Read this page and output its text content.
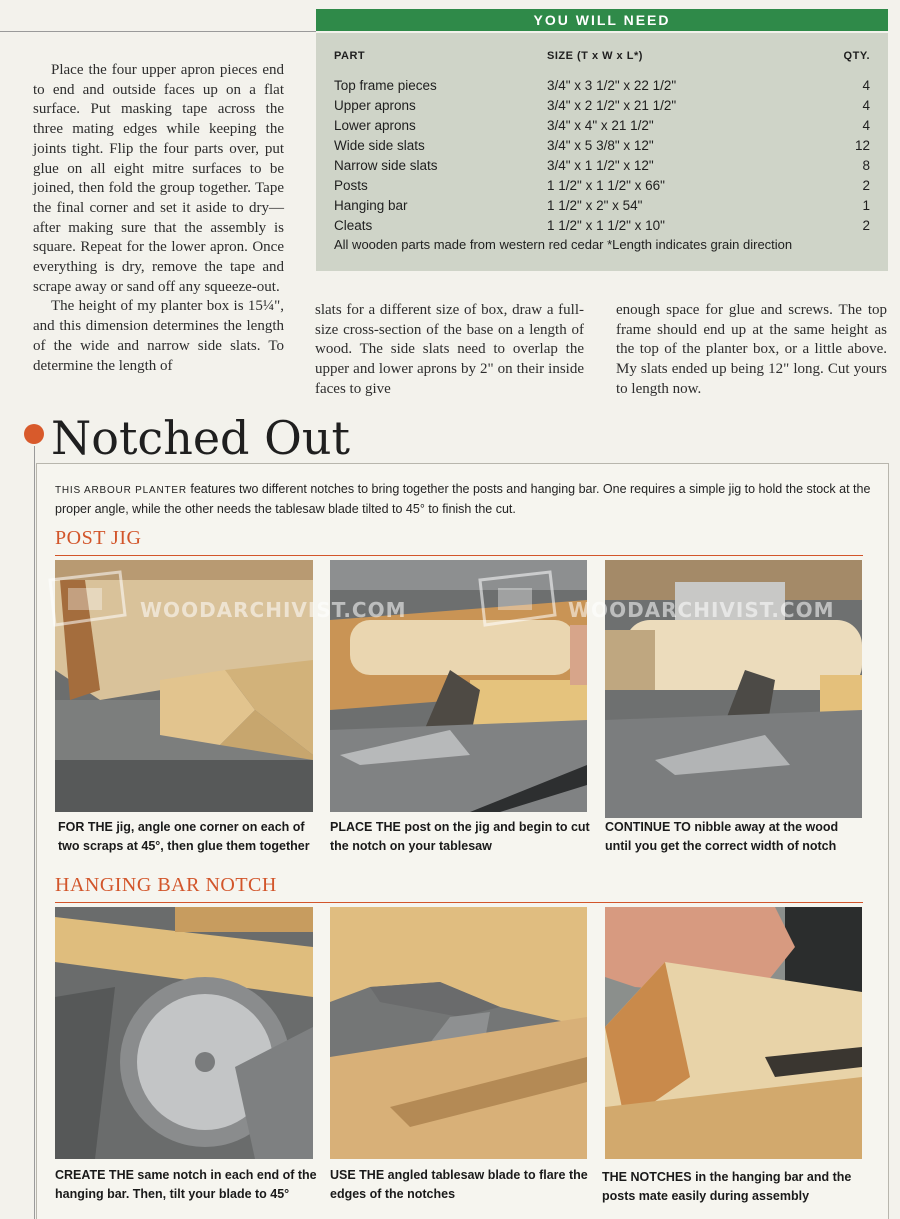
Place the four upper apron pieces end to end and outside faces up on a flat surface. Put masking tape across the three mating edges while keeping the joints tight. Flip the four parts over, put glue on all eight mitre surfaces to be joined, then fold the group together. Tape the final corner and set it aside to dry—after making sure that the assembly is square. Repeat for the lower apron. Once everything is dry, remove the tape and scrape away or sand off any squeeze-out.

The height of my planter box is 15¼", and this dimension determines the length of the wide and narrow side slats. To determine the length of

slats for a different size of box, draw a full-size cross-section of the base on a length of wood. The side slats need to overlap the upper and lower aprons by 2" on their inside faces to give

enough space for glue and screws. The top frame should end up at the same height as the top of the planter box, or a little above. My slats ended up being 12" long. Cut yours to length now.

YOU WILL NEED
PART	SIZE (T x W x L*)	QTY.
Top frame pieces	3/4" x 3 1/2" x 22 1/2"	4
Upper aprons	3/4" x 2 1/2" x 21 1/2"	4
Lower aprons	3/4" x 4" x 21 1/2"	4
Wide side slats	3/4" x 5 3/8" x 12"	12
Narrow side slats	3/4" x 1 1/2" x 12"	8
Posts	1 1/2" x 1 1/2" x 66"	2
Hanging bar	1 1/2" x 2" x 54"	1
Cleats	1 1/2" x 1 1/2" x 10"	2
All wooden parts made from western red cedar *Length indicates grain direction
Notched Out
THIS ARBOUR PLANTER features two different notches to bring together the posts and hanging bar. One requires a simple jig to hold the stock at the proper angle, while the other needs the tablesaw blade tilted to 45° to finish the cut.
POST JIG
FOR THE jig, angle one corner on each of two scraps at 45°, then glue them together
PLACE THE post on the jig and begin to cut the notch on your tablesaw
CONTINUE TO nibble away at the wood until you get the correct width of notch
HANGING BAR NOTCH
CREATE THE same notch in each end of the hanging bar. Then, tilt your blade to 45°
USE THE angled tablesaw blade to flare the edges of the notches
THE NOTCHES in the hanging bar and the posts mate easily during assembly
WOODARCHIVIST.COM	WOODARCHIVIST.COM
